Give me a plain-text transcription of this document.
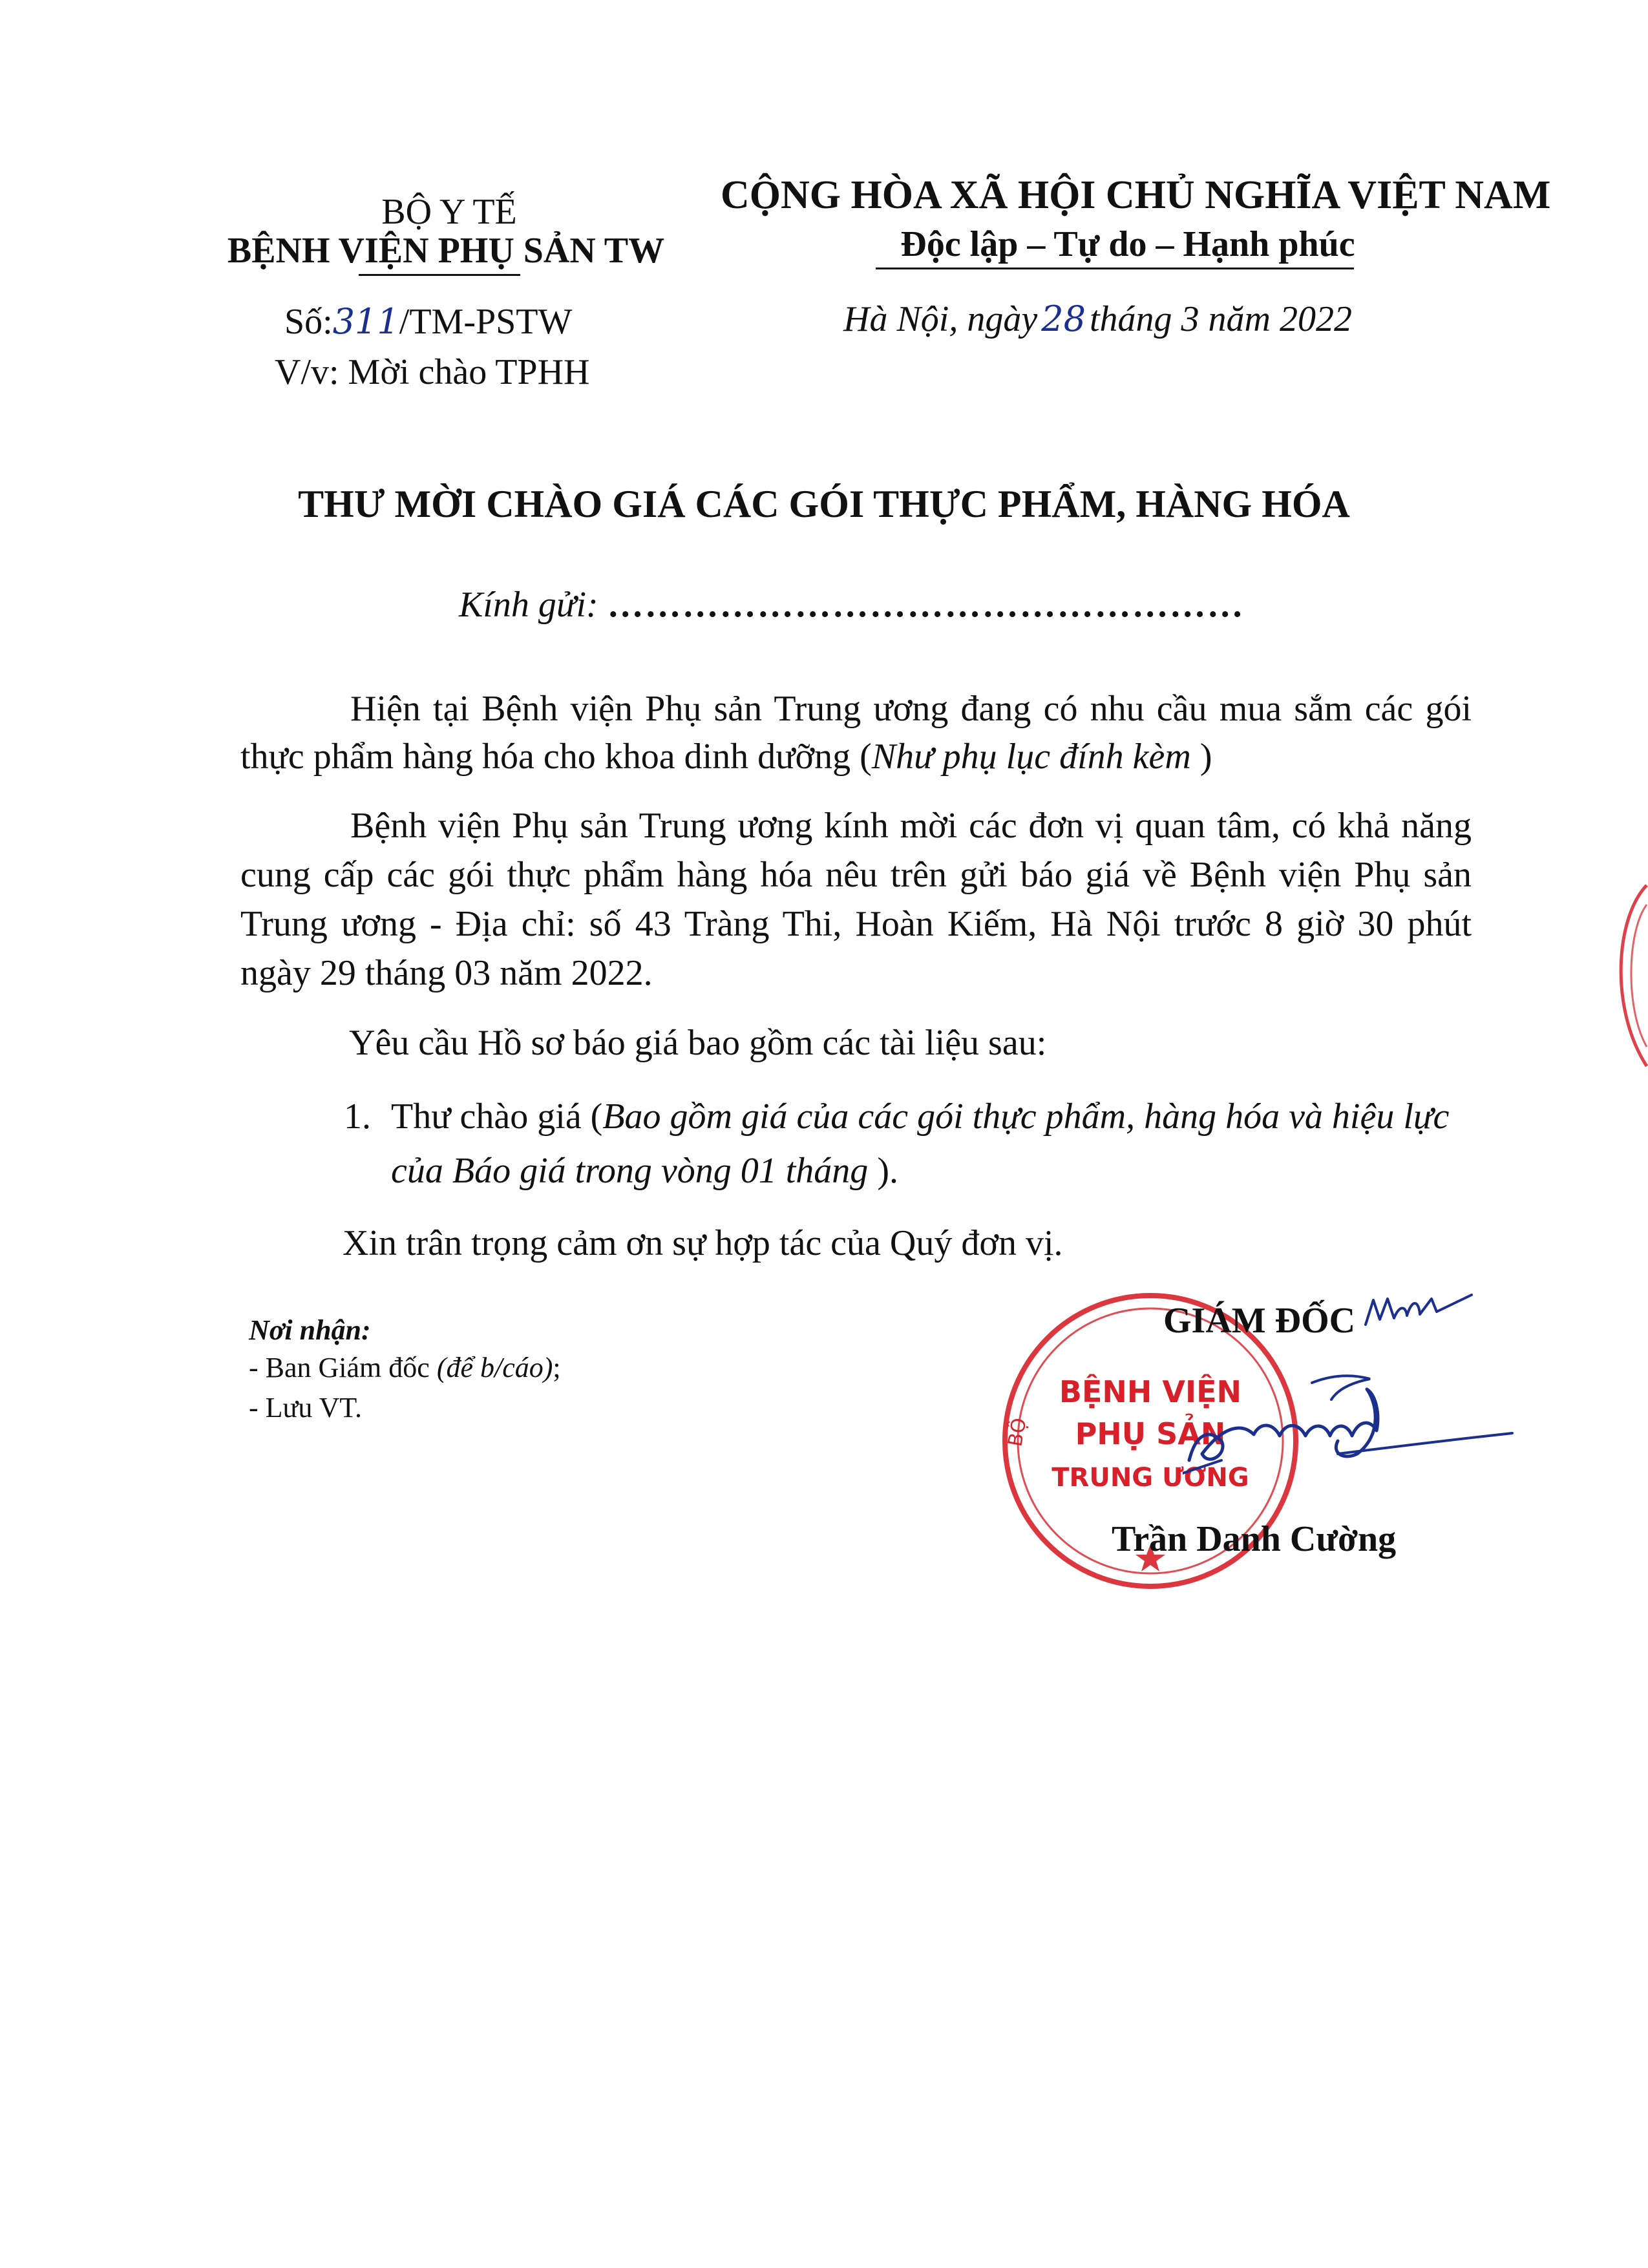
BỘ Y TẾ
BỆNH VIỆN PHỤ SẢN TW
Số:311/TM-PSTW
V/v: Mời chào TPHH
CỘNG HÒA XÃ HỘI CHỦ NGHĨA VIỆT NAM
Độc lập – Tự do – Hạnh phúc
Hà Nội, ngày 28 tháng 3 năm 2022
THƯ MỜI CHÀO GIÁ CÁC GÓI THỰC PHẨM, HÀNG HÓA
Kính gửi: ……………………………………………
Hiện tại Bệnh viện Phụ sản Trung ương đang có nhu cầu mua sắm các gói thực phẩm hàng hóa cho khoa dinh dưỡng (Như phụ lục đính kèm )
Bệnh viện Phụ sản Trung ương kính mời các đơn vị quan tâm, có khả năng cung cấp các gói thực phẩm hàng hóa nêu trên gửi báo giá về Bệnh viện Phụ sản Trung ương - Địa chỉ: số 43 Tràng Thi, Hoàn Kiếm, Hà Nội trước 8 giờ 30 phút ngày 29 tháng 03 năm 2022.
Yêu cầu Hồ sơ báo giá bao gồm các tài liệu sau:
1. Thư chào giá (Bao gồm giá của các gói thực phẩm, hàng hóa và hiệu lực
của Báo giá trong vòng 01 tháng ).
Xin trân trọng cảm ơn sự hợp tác của Quý đơn vị.
Nơi nhận:
- Ban Giám đốc (để b/cáo);
- Lưu VT.
BỘ
BỆNH VIỆN
PHỤ SẢN
TRUNG ƯƠNG
GIÁM ĐỐC
Trần Danh Cường
